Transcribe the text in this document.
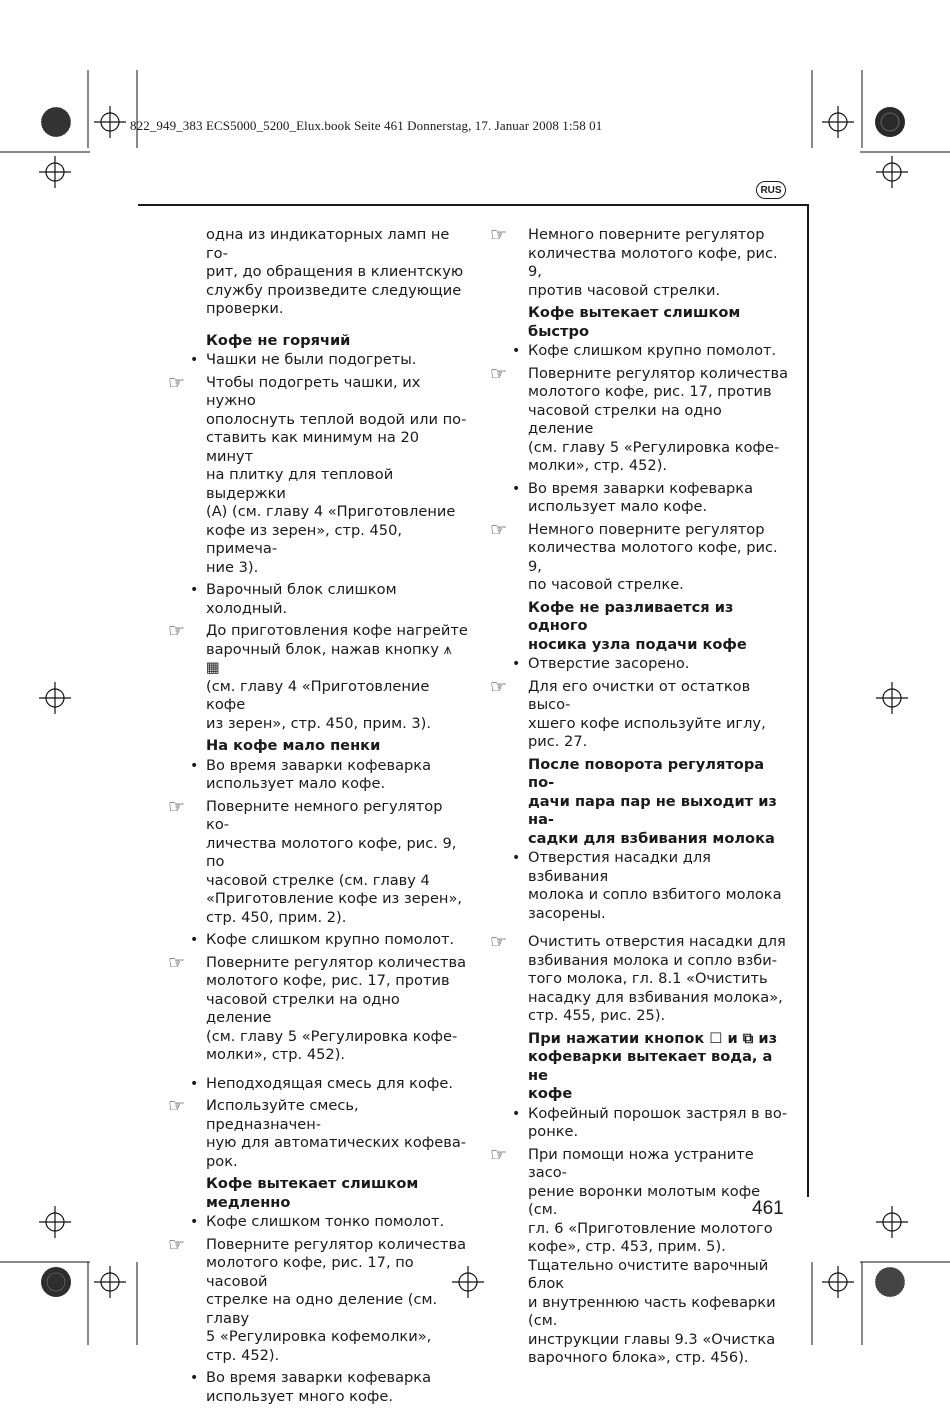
822_949_383 ECS5000_5200_Elux.book Seite 461 Donnerstag, 17. Januar 2008 1:58 01
RUS
одна из индикаторных ламп не го-
рит, до обращения в клиентскую
службу произведите следующие
проверки.
Кофе не горячий
• Чашки не были подогреты.
☞ Чтобы подогреть чашки, их нужно
ополоснуть теплой водой или по-
ставить как минимум на 20 минут
на плитку для тепловой выдержки
(A) (см. главу 4 «Приготовление
кофе из зерен», стр. 450, примеча-
ние 3).
• Варочный блок слишком холодный.
☞ До приготовления кофе нагрейте
варочный блок, нажав кнопку ⩚ ▦
(см. главу 4 «Приготовление кофе
из зерен», стр. 450, прим. 3).
На кофе мало пенки
• Во время заварки кофеварка
использует мало кофе.
☞ Поверните немного регулятор ко-
личества молотого кофе, рис. 9, по
часовой стрелке (см. главу 4
«Приготовление кофе из зерен»,
стр. 450, прим. 2).
• Кофе слишком крупно помолот.
☞ Поверните регулятор количества
молотого кофе, рис. 17, против
часовой стрелки на одно деление
(см. главу 5 «Регулировка кофе-
молки», стр. 452).
• Неподходящая смесь для кофе.
☞ Используйте смесь, предназначен-
ную для автоматических кофева-
рок.
Кофе вытекает слишком
медленно
• Кофе слишком тонко помолот.
☞ Поверните регулятор количества
молотого кофе, рис. 17, по часовой
стрелке на одно деление (см. главу
5 «Регулировка кофемолки»,
стр. 452).
• Во время заварки кофеварка
использует много кофе.
☞ Немного поверните регулятор
количества молотого кофе, рис. 9,
против часовой стрелки.
Кофе вытекает слишком быстро
• Кофе слишком крупно помолот.
☞ Поверните регулятор количества
молотого кофе, рис. 17, против
часовой стрелки на одно деление
(см. главу 5 «Регулировка кофе-
молки», стр. 452).
• Во время заварки кофеварка
использует мало кофе.
☞ Немного поверните регулятор
количества молотого кофе, рис. 9,
по часовой стрелке.
Кофе не разливается из одного
носика узла подачи кофе
• Отверстие засорено.
☞ Для его очистки от остатков высо-
хшего кофе используйте иглу,
рис. 27.
После поворота регулятора по-
дачи пара пар не выходит из на-
садки для взбивания молока
• Отверстия насадки для взбивания
молока и сопло взбитого молока
засорены.
☞ Очистить отверстия насадки для
взбивания молока и сопло взби-
того молока, гл. 8.1 «Очистить
насадку для взбивания молока»,
стр. 455, рис. 25).
При нажатии кнопок ☐ и ⧉ из
кофеварки вытекает вода, а не
кофе
• Кофейный порошок застрял в во-
ронке.
☞ При помощи ножа устраните засо-
рение воронки молотым кофе (см.
гл. 6 «Приготовление молотого
кофе», стр. 453, прим. 5).
Тщательно очистите варочный блок
и внутреннюю часть кофеварки (см.
инструкции главы 9.3 «Очистка
варочного блока», стр. 456).
461
